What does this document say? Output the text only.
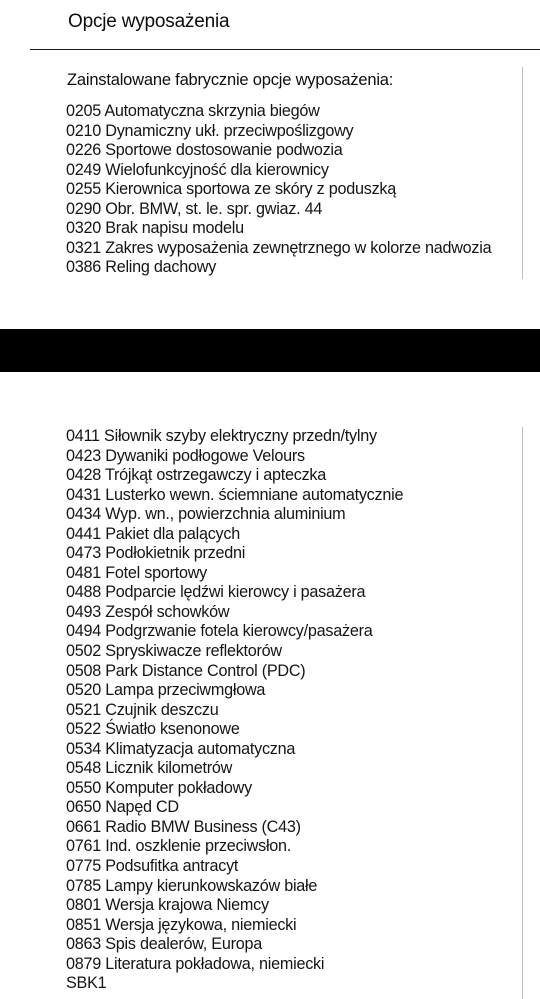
Opcje wyposażenia
Zainstalowane fabrycznie opcje wyposażenia:
0205 Automatyczna skrzynia biegów
0210 Dynamiczny ukł. przeciwpoślizgowy
0226 Sportowe dostosowanie podwozia
0249 Wielofunkcyjność dla kierownicy
0255 Kierownica sportowa ze skóry z poduszką
0290 Obr. BMW, st. le. spr. gwiaz. 44
0320 Brak napisu modelu
0321 Zakres wyposażenia zewnętrznego w kolorze nadwozia
0386 Reling dachowy
0411 Siłownik szyby elektryczny przedn/tylny
0423 Dywaniki podłogowe Velours
0428 Trójkąt ostrzegawczy i apteczka
0431 Lusterko wewn. ściemniane automatycznie
0434 Wyp. wn., powierzchnia aluminium
0441 Pakiet dla palących
0473 Podłokietnik przedni
0481 Fotel sportowy
0488 Podparcie lędźwi kierowcy i pasażera
0493 Zespół schowków
0494 Podgrzwanie fotela kierowcy/pasażera
0502 Spryskiwacze reflektorów
0508 Park Distance Control (PDC)
0520 Lampa przeciwmgłowa
0521 Czujnik deszczu
0522 Światło ksenonowe
0534 Klimatyzacja automatyczna
0548 Licznik kilometrów
0550 Komputer pokładowy
0650 Napęd CD
0661 Radio BMW Business (C43)
0761 Ind. oszklenie przeciwsłon.
0775 Podsufitka antracyt
0785 Lampy kierunkowskazów białe
0801 Wersja krajowa Niemcy
0851 Wersja językowa, niemiecki
0863 Spis dealerów, Europa
0879 Literatura pokładowa, niemiecki
SBK1
